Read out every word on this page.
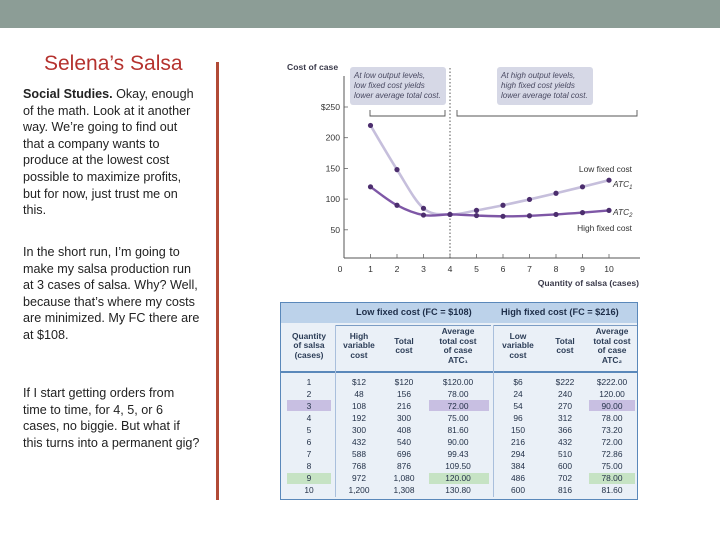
Selena’s Salsa
Social Studies. Okay, enough of the math. Look at it another way. We’re going to find out that a company wants to produce at the lowest cost possible to maximize profits, but for now, just trust me on this.
In the short run, I’m going to make my salsa production run at 3 cases of salsa. Why? Well, because that’s where my costs are minimized. My FC there are at $108.
If I start getting orders from time to time, for 4, 5, or 6 cases, no biggie. But what if this turns into a permanent gig?
At low output levels,
low fixed cost yields
lower average total cost.
At high output levels,
high fixed cost yields
lower average total cost.
Cost of case
Quantity of salsa (cases)
$250
200
150
100
50
0	1	2	3	4	5	6	7	8	9 10
Low fixed cost
$ATC_1$
$ATC_2$
High fixed cost
Low fixed cost (FC = $108)	High fixed cost (FC = $216)
Quantity
of salsa
(cases)
High
variable
cost
Total
cost
Average
total cost
of case
ATC₁
Low
variable
cost
Total
cost
Average
total cost
of case
ATC₂
1	$12	$120	$120.00	$6	$222	$222.00
2	48	156	78.00	24	240	120.00
3	108	216	72.00	54	270	90.00
4	192	300	75.00	96	312	78.00
5	300	408	81.60	150	366	73.20
6	432	540	90.00	216	432	72.00
7	588	696	99.43	294	510	72.86
8	768	876	109.50	384	600	75.00
9	972	1,080	120.00	486	702	78.00
10	1,200	1,308	130.80	600	816	81.60
